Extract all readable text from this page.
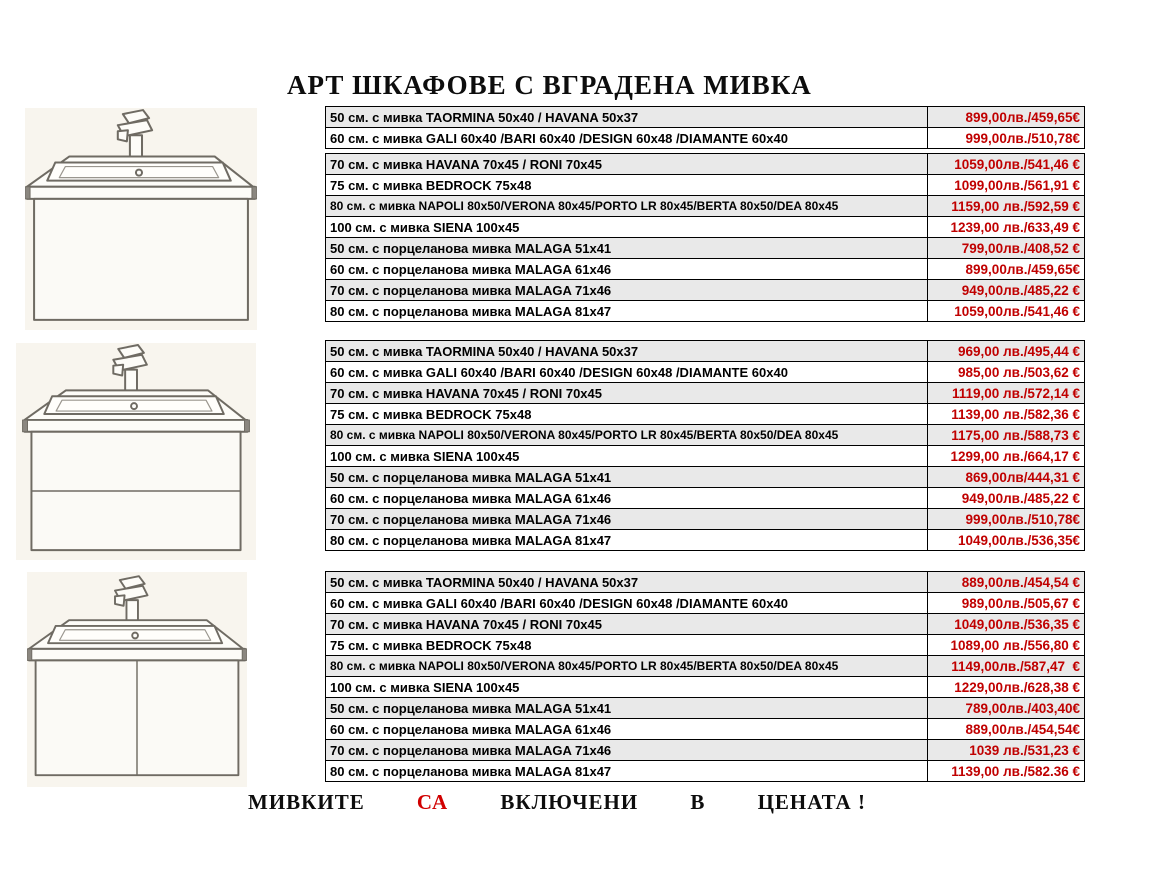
АРТ ШКАФОВЕ С ВГРАДЕНА МИВКА
50 см. с мивка TAORMINA 50x40 / HAVANA 50x37	899,00лв./459,65€
60 см. с мивка GALI 60x40 /BARI 60x40 /DESIGN 60x48 /DIAMANTE 60x40	999,00лв./510,78€
70 см. с мивка HAVANA 70x45 / RONI 70x45	1059,00лв./541,46 €
75 см. с мивка BEDROCK 75x48	1099,00лв./561,91 €
80 см. с мивка NAPOLI 80x50/VERONA 80x45/PORTO LR 80x45/BERTA 80x50/DEA 80x45	1159,00 лв./592,59 €
100 см. с мивка SIENA 100x45	1239,00 лв./633,49 €
50 см. с порцеланова мивка MALAGA 51x41	799,00лв./408,52 €
60 см. с порцеланова мивка MALAGA 61x46	899,00лв./459,65€
70 см. с порцеланова мивка MALAGA 71x46	949,00лв./485,22 €
80 см. с порцеланова мивка MALAGA 81x47	1059,00лв./541,46 €
50 см. с мивка TAORMINA 50x40 / HAVANA 50x37	969,00 лв./495,44 €
60 см. с мивка GALI 60x40 /BARI 60x40 /DESIGN 60x48 /DIAMANTE 60x40	985,00 лв./503,62 €
70 см. с мивка HAVANA 70x45 / RONI 70x45	1119,00 лв./572,14 €
75 см. с мивка BEDROCK 75x48	1139,00 лв./582,36 €
80 см. с мивка NAPOLI 80x50/VERONA 80x45/PORTO LR 80x45/BERTA 80x50/DEA 80x45	1175,00 лв./588,73 €
100 см. с мивка SIENA 100x45	1299,00 лв./664,17 €
50 см. с порцеланова мивка MALAGA 51x41	869,00лв/444,31 €
60 см. с порцеланова мивка MALAGA 61x46	949,00лв./485,22 €
70 см. с порцеланова мивка MALAGA 71x46	999,00лв./510,78€
80 см. с порцеланова мивка MALAGA 81x47	1049,00лв./536,35€
50 см. с мивка TAORMINA 50x40 / HAVANA 50x37	889,00лв./454,54 €
60 см. с мивка GALI 60x40 /BARI 60x40 /DESIGN 60x48 /DIAMANTE 60x40	989,00лв./505,67 €
70 см. с мивка HAVANA 70x45 / RONI 70x45	1049,00лв./536,35 €
75 см. с мивка BEDROCK 75x48	1089,00 лв./556,80 €
80 см. с мивка NAPOLI 80x50/VERONA 80x45/PORTO LR 80x45/BERTA 80x50/DEA 80x45	1149,00лв./587,47  €
100 см. с мивка SIENA 100x45	1229,00лв./628,38 €
50 см. с порцеланова мивка MALAGA 51x41	789,00лв./403,40€
60 см. с порцеланова мивка MALAGA 61x46	889,00лв./454,54€
70 см. с порцеланова мивка MALAGA 71x46	1039 лв./531,23 €
80 см. с порцеланова мивка MALAGA 81x47	1139,00 лв./582.36 €
МИВКИТЕ СА ВКЛЮЧЕНИ В ЦЕНАТА !
